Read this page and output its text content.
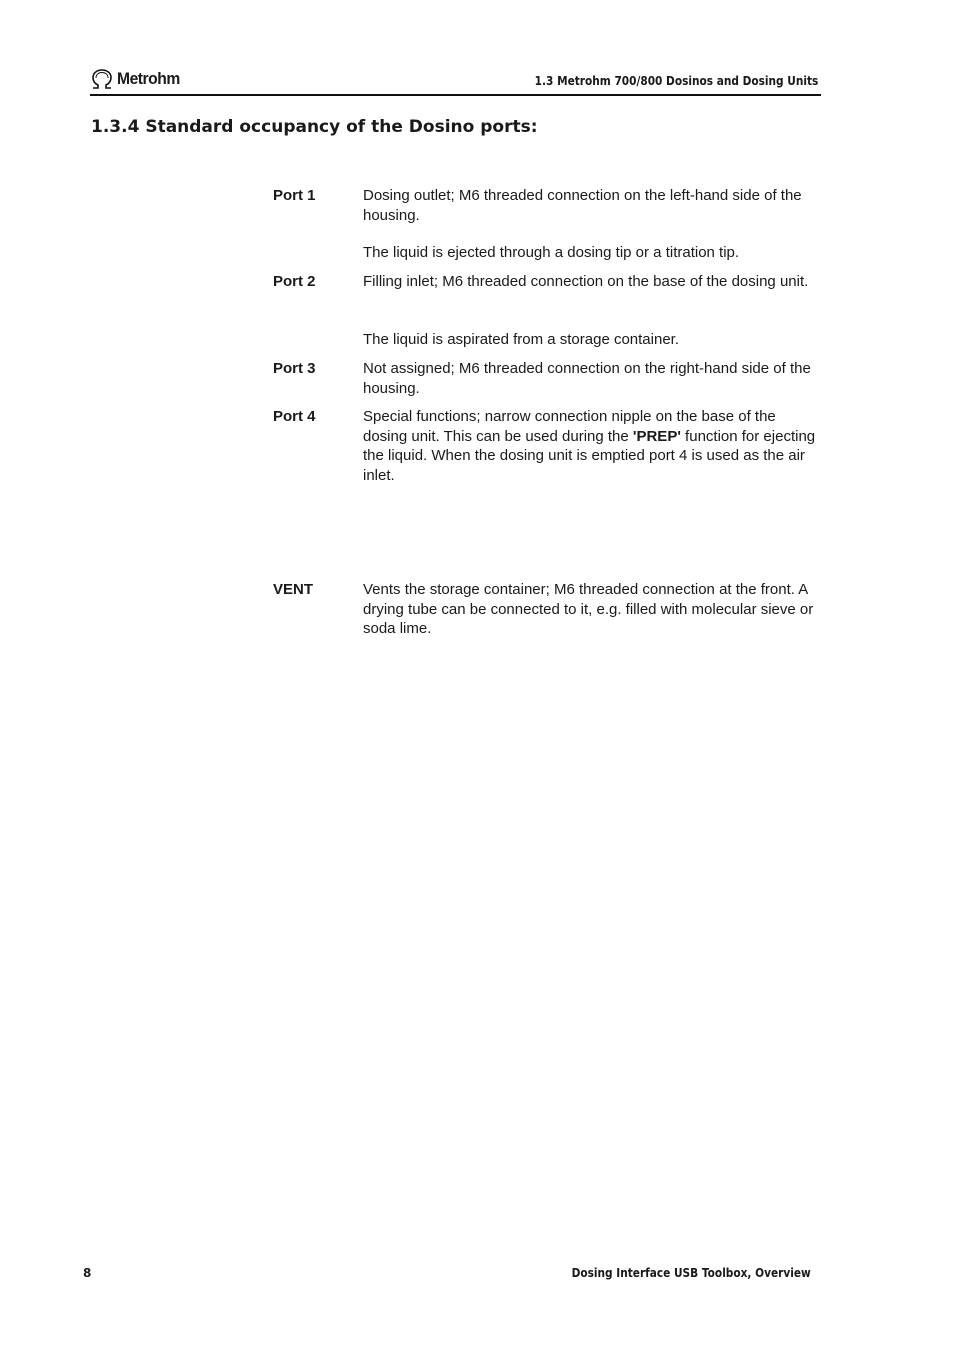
Metrohm	1.3 Metrohm 700/800 Dosinos and Dosing Units
1.3.4 Standard occupancy of the Dosino ports:
Port 1	Dosing outlet; M6 threaded connection on the left-hand side of the housing.
The liquid is ejected through a dosing tip or a titration tip.
Port 2	Filling inlet; M6 threaded connection on the base of the dosing unit.
The liquid is aspirated from a storage container.
Port 3	Not assigned; M6 threaded connection on the right-hand side of the housing.
Port 4	Special functions; narrow connection nipple on the base of the dosing unit. This can be used during the 'PREP' function for ejecting the liquid. When the dosing unit is emptied port 4 is used as the air inlet.
VENT	Vents the storage container; M6 threaded connection at the front. A drying tube can be connected to it, e.g. filled with molecular sieve or soda lime.
8	Dosing Interface USB Toolbox, Overview
